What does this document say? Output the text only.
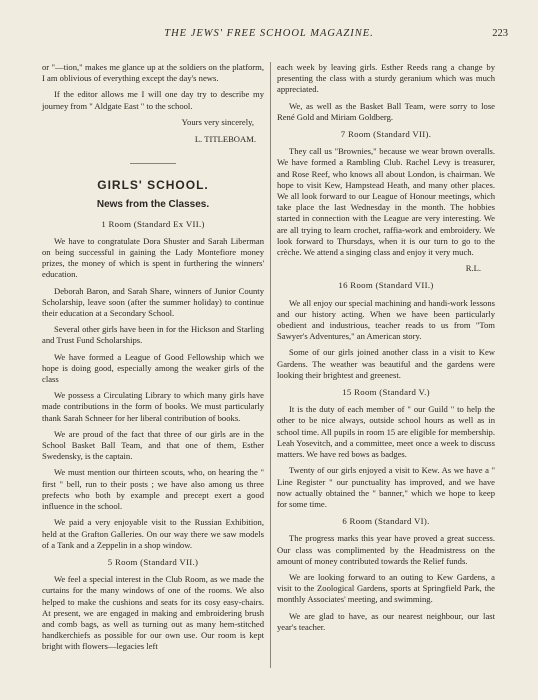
THE JEWS' FREE SCHOOL MAGAZINE.	223

or "—tion," makes me glance up at the soldiers on the platform, I am oblivious of everything except the day's news.

If the editor allows me I will one day try to describe my journey from " Aldgate East " to the school.

Yours very sincerely,

L. TITLEBOAM.

GIRLS' SCHOOL.
News from the Classes.
1 Room (Standard Ex VII.)

We have to congratulate Dora Shuster and Sarah Liberman on being successful in gaining the Lady Montefiore money prizes, the money of which is spent in furthering the winners' education.

Deborah Baron, and Sarah Share, winners of Junior County Scholarship, leave soon (after the summer holiday) to continue their education at a Secondary School.

Several other girls have been in for the Hickson and Starling and Trust Fund Scholarships.

We have formed a League of Good Fellowship which we hope is doing good, especially among the weaker girls of the class

We possess a Circulating Library to which many girls have made contributions in the form of books. We must particularly thank Sarah Schneer for her liberal contribution of books.

We are proud of the fact that three of our girls are in the School Basket Ball Team, and that one of them, Esther Swedensky, is the captain.

We must mention our thirteen scouts, who, on hearing the " first " bell, run to their posts ; we have also among us three prefects who both by example and precept exert a good influence in the school.

We paid a very enjoyable visit to the Russian Exhibition, held at the Grafton Galleries. On our way there we saw models of a Tank and a Zeppelin in a shop window.

5 Room (Standard VII.)

We feel a special interest in the Club Room, as we made the curtains for the many windows of one of the rooms. We also helped to make the cushions and seats for its cosy easy-chairs. At present, we are engaged in making and embroidering brush and comb bags, as well as turning out as many hem-stitched handkerchiefs as possible for our own use. Our room is kept bright with flowers—legacies left

each week by leaving girls. Esther Reeds rang a change by presenting the class with a sturdy geranium which was much appreciated.

We, as well as the Basket Ball Team, were sorry to lose René Gold and Miriam Goldberg.

7 Room (Standard VII).

They call us "Brownies," because we wear brown overalls. We have formed a Rambling Club. Rachel Levy is treasurer, and Rose Reef, who knows all about London, is chairman. We hope to visit Kew, Hampstead Heath, and many other places. We all look forward to our League of Honour meetings, which take place the last Wednesday in the month. The hobbies started in connection with the League are very interesting. We are all trying to learn crochet, raffia-work and embroidery. We look forward to Thursdays, when it is our turn to go to the crèche. We attend a singing class and enjoy it very much.

R.L.

16 Room (Standard VII.)

We all enjoy our special machining and handi-work lessons and our history acting. When we have been particularly obedient and industrious, teacher reads to us from "Tom Sawyer's Adventures," an American story.

Some of our girls joined another class in a visit to Kew Gardens. The weather was beautiful and the gardens were looking their brightest and greenest.

15 Room (Standard V.)

It is the duty of each member of " our Guild " to help the other to be nice always, outside school hours as well as in school time. All pupils in room 15 are eligible for membership. Leah Yosevitch, and a committee, meet once a week to discuss matters. We have red bows as badges.

Twenty of our girls enjoyed a visit to Kew. As we have a " Line Register " our punctuality has improved, and we have now actually obtained the " banner," which we hope to keep for some time.

6 Room (Standard VI).

The progress marks this year have proved a great success. Our class was complimented by the Headmistress on the amount of money contributed towards the Relief funds.

We are looking forward to an outing to Kew Gardens, a visit to the Zoological Gardens, sports at Springfield Park, the monthly Associates' meeting, and swimming.

We are glad to have, as our nearest neighbour, our last year's teacher.
